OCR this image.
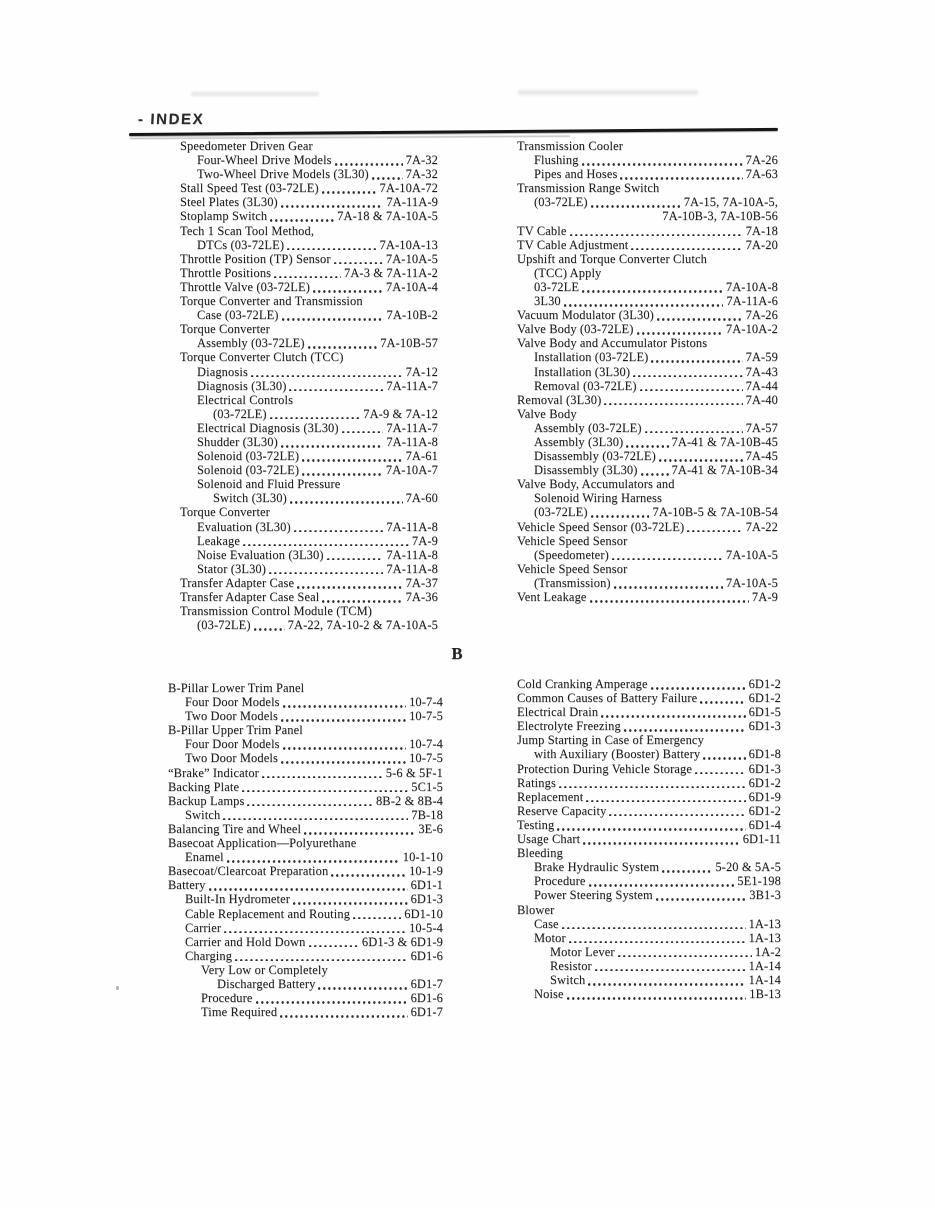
- INDEX
Speedometer Driven Gear
Four-Wheel Drive Models	7A-32
Two-Wheel Drive Models (3L30)	7A-32
Stall Speed Test (03-72LE)	7A-10A-72
Steel Plates (3L30)	7A-11A-9
Stoplamp Switch	7A-18 & 7A-10A-5
Tech 1 Scan Tool Method,
DTCs (03-72LE)	7A-10A-13
Throttle Position (TP) Sensor	7A-10A-5
Throttle Positions	7A-3 & 7A-11A-2
Throttle Valve (03-72LE)	7A-10A-4
Torque Converter and Transmission
Case (03-72LE)	7A-10B-2
Torque Converter
Assembly (03-72LE)	7A-10B-57
Torque Converter Clutch (TCC)
Diagnosis	7A-12
Diagnosis (3L30)	7A-11A-7
Electrical Controls
(03-72LE)	7A-9 & 7A-12
Electrical Diagnosis (3L30)	7A-11A-7
Shudder (3L30)	7A-11A-8
Solenoid (03-72LE)	7A-61
Solenoid (03-72LE)	7A-10A-7
Solenoid and Fluid Pressure
Switch (3L30)	7A-60
Torque Converter
Evaluation (3L30)	7A-11A-8
Leakage	7A-9
Noise Evaluation (3L30)	7A-11A-8
Stator (3L30)	7A-11A-8
Transfer Adapter Case	7A-37
Transfer Adapter Case Seal	7A-36
Transmission Control Module (TCM)
(03-72LE)	7A-22, 7A-10-2 & 7A-10A-5
Transmission Cooler
Flushing	7A-26
Pipes and Hoses	7A-63
Transmission Range Switch
(03-72LE)	7A-15, 7A-10A-5,
7A-10B-3, 7A-10B-56
TV Cable	7A-18
TV Cable Adjustment	7A-20
Upshift and Torque Converter Clutch
(TCC) Apply
03-72LE	7A-10A-8
3L30	7A-11A-6
Vacuum Modulator (3L30)	7A-26
Valve Body (03-72LE)	7A-10A-2
Valve Body and Accumulator Pistons
Installation (03-72LE)	7A-59
Installation (3L30)	7A-43
Removal (03-72LE)	7A-44
Removal (3L30)	7A-40
Valve Body
Assembly (03-72LE)	7A-57
Assembly (3L30)	7A-41 & 7A-10B-45
Disassembly (03-72LE)	7A-45
Disassembly (3L30)	7A-41 & 7A-10B-34
Valve Body, Accumulators and
Solenoid Wiring Harness
(03-72LE)	7A-10B-5 & 7A-10B-54
Vehicle Speed Sensor (03-72LE)	7A-22
Vehicle Speed Sensor
(Speedometer)	7A-10A-5
Vehicle Speed Sensor
(Transmission)	7A-10A-5
Vent Leakage	7A-9
B
B-Pillar Lower Trim Panel
Four Door Models	10-7-4
Two Door Models	10-7-5
B-Pillar Upper Trim Panel
Four Door Models	10-7-4
Two Door Models	10-7-5
“Brake” Indicator	5-6 & 5F-1
Backing Plate	5C1-5
Backup Lamps	8B-2 & 8B-4
Switch	7B-18
Balancing Tire and Wheel	3E-6
Basecoat Application—Polyurethane
Enamel	10-1-10
Basecoat/Clearcoat Preparation	10-1-9
Battery	6D1-1
Built-In Hydrometer	6D1-3
Cable Replacement and Routing	6D1-10
Carrier	10-5-4
Carrier and Hold Down	6D1-3 & 6D1-9
Charging	6D1-6
Very Low or Completely
Discharged Battery	6D1-7
Procedure	6D1-6
Time Required	6D1-7
Cold Cranking Amperage	6D1-2
Common Causes of Battery Failure	6D1-2
Electrical Drain	6D1-5
Electrolyte Freezing	6D1-3
Jump Starting in Case of Emergency
with Auxiliary (Booster) Battery	6D1-8
Protection During Vehicle Storage	6D1-3
Ratings	6D1-2
Replacement	6D1-9
Reserve Capacity	6D1-2
Testing	6D1-4
Usage Chart	6D1-11
Bleeding
Brake Hydraulic System	5-20 & 5A-5
Procedure	5E1-198
Power Steering System	3B1-3
Blower
Case	1A-13
Motor	1A-13
Motor Lever	1A-2
Resistor	1A-14
Switch	1A-14
Noise	1B-13
